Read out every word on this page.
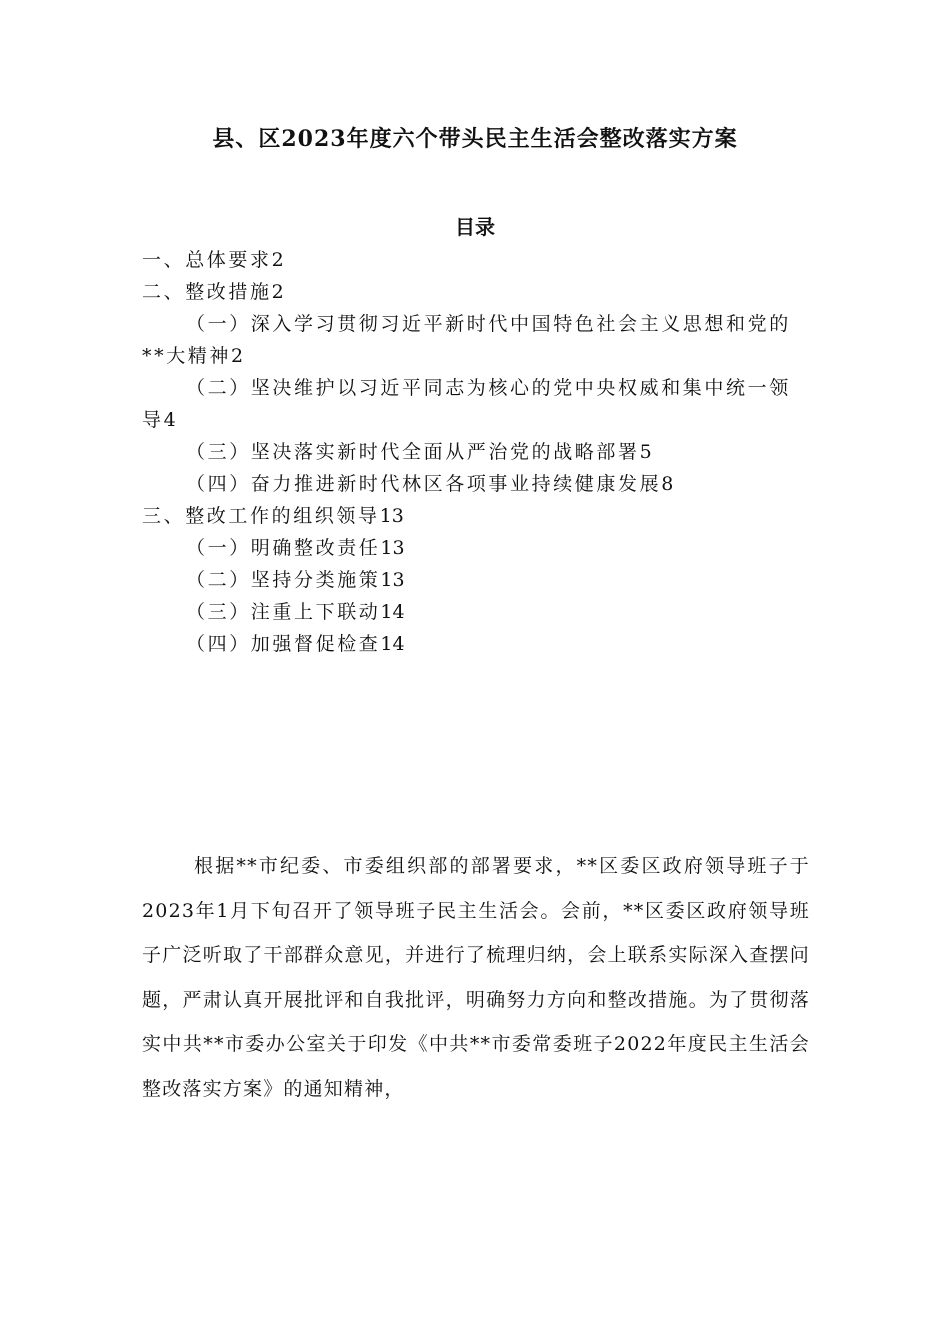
县、区2023年度六个带头民主生活会整改落实方案
目录
一、总体要求2
二、整改措施2
（一）深入学习贯彻习近平新时代中国特色社会主义思想和党的**大精神2
（二）坚决维护以习近平同志为核心的党中央权威和集中统一领导4
（三）坚决落实新时代全面从严治党的战略部署5
（四）奋力推进新时代林区各项事业持续健康发展8
三、整改工作的组织领导13
（一）明确整改责任13
（二）坚持分类施策13
（三）注重上下联动14
（四）加强督促检查14
根据**市纪委、市委组织部的部署要求，**区委区政府领导班子于2023年1月下旬召开了领导班子民主生活会。会前，**区委区政府领导班子广泛听取了干部群众意见，并进行了梳理归纳，会上联系实际深入查摆问题，严肃认真开展批评和自我批评，明确努力方向和整改措施。为了贯彻落实中共**市委办公室关于印发《中共**市委常委班子2022年度民主生活会整改落实方案》的通知精神，
